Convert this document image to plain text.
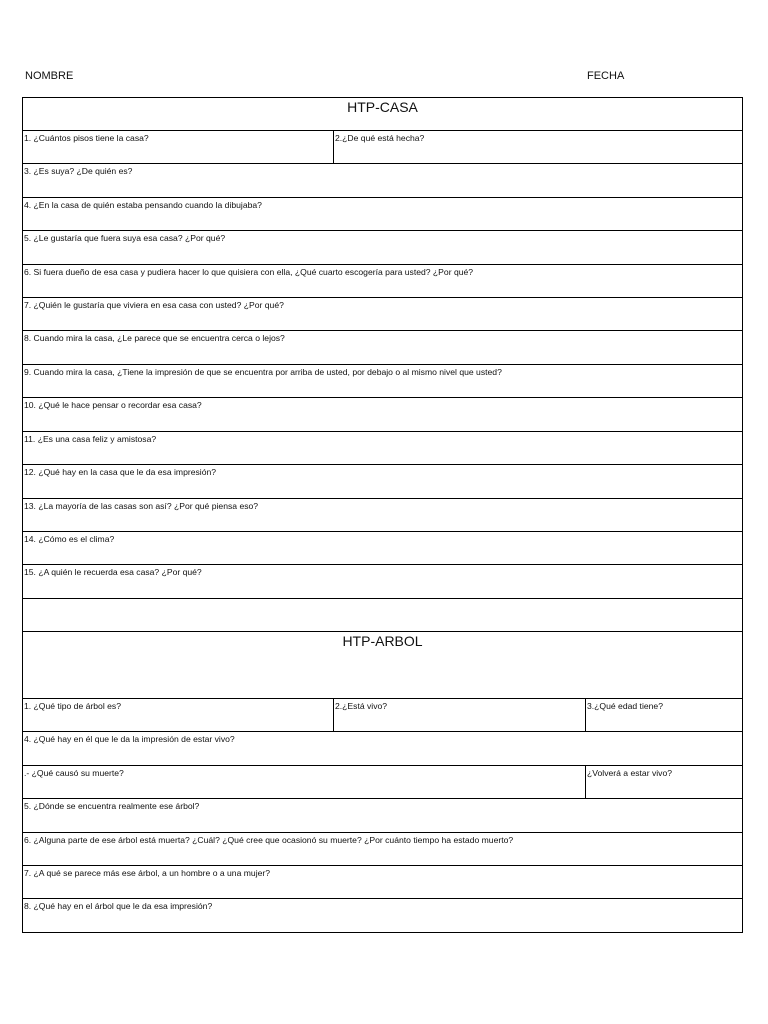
NOMBRE	FECHA
HTP-CASA
1. ¿Cuántos pisos tiene la casa?	2.¿De qué está hecha?
3. ¿Es suya? ¿De quién es?
4. ¿En la casa de quién estaba pensando cuando la dibujaba?
5. ¿Le gustaría que fuera suya esa casa? ¿Por qué?
6. Si fuera dueño de esa casa y pudiera hacer lo que quisiera con ella, ¿Qué cuarto escogería para usted? ¿Por qué?
7. ¿Quién le gustaría que viviera en esa casa con usted? ¿Por qué?
8. Cuando mira la casa, ¿Le parece que se encuentra cerca o lejos?
9. Cuando mira la casa, ¿Tiene la impresión de que se encuentra por arriba de usted, por debajo o al mismo nivel que usted?
10. ¿Qué le hace pensar o recordar esa casa?
11. ¿Es una casa feliz y amistosa?
12. ¿Qué hay en la casa que le da esa impresión?
13. ¿La mayoría de las casas son así? ¿Por qué piensa eso?
14. ¿Cómo es el clima?
15. ¿A quién le recuerda esa casa? ¿Por qué?
HTP-ARBOL
1. ¿Qué tipo de árbol es?	2.¿Está vivo?	3.¿Qué edad tiene?
4. ¿Qué hay en él que le da la impresión de estar vivo?
.- ¿Qué causó su muerte?	¿Volverá a estar vivo?
5. ¿Dónde se encuentra realmente ese árbol?
6. ¿Alguna parte de ese árbol está muerta? ¿Cuál? ¿Qué cree que ocasionó su muerte? ¿Por cuánto tiempo ha estado muerto?
7. ¿A qué se parece más ese árbol, a un hombre o a una mujer?
8. ¿Qué hay en el árbol que le da esa impresión?
